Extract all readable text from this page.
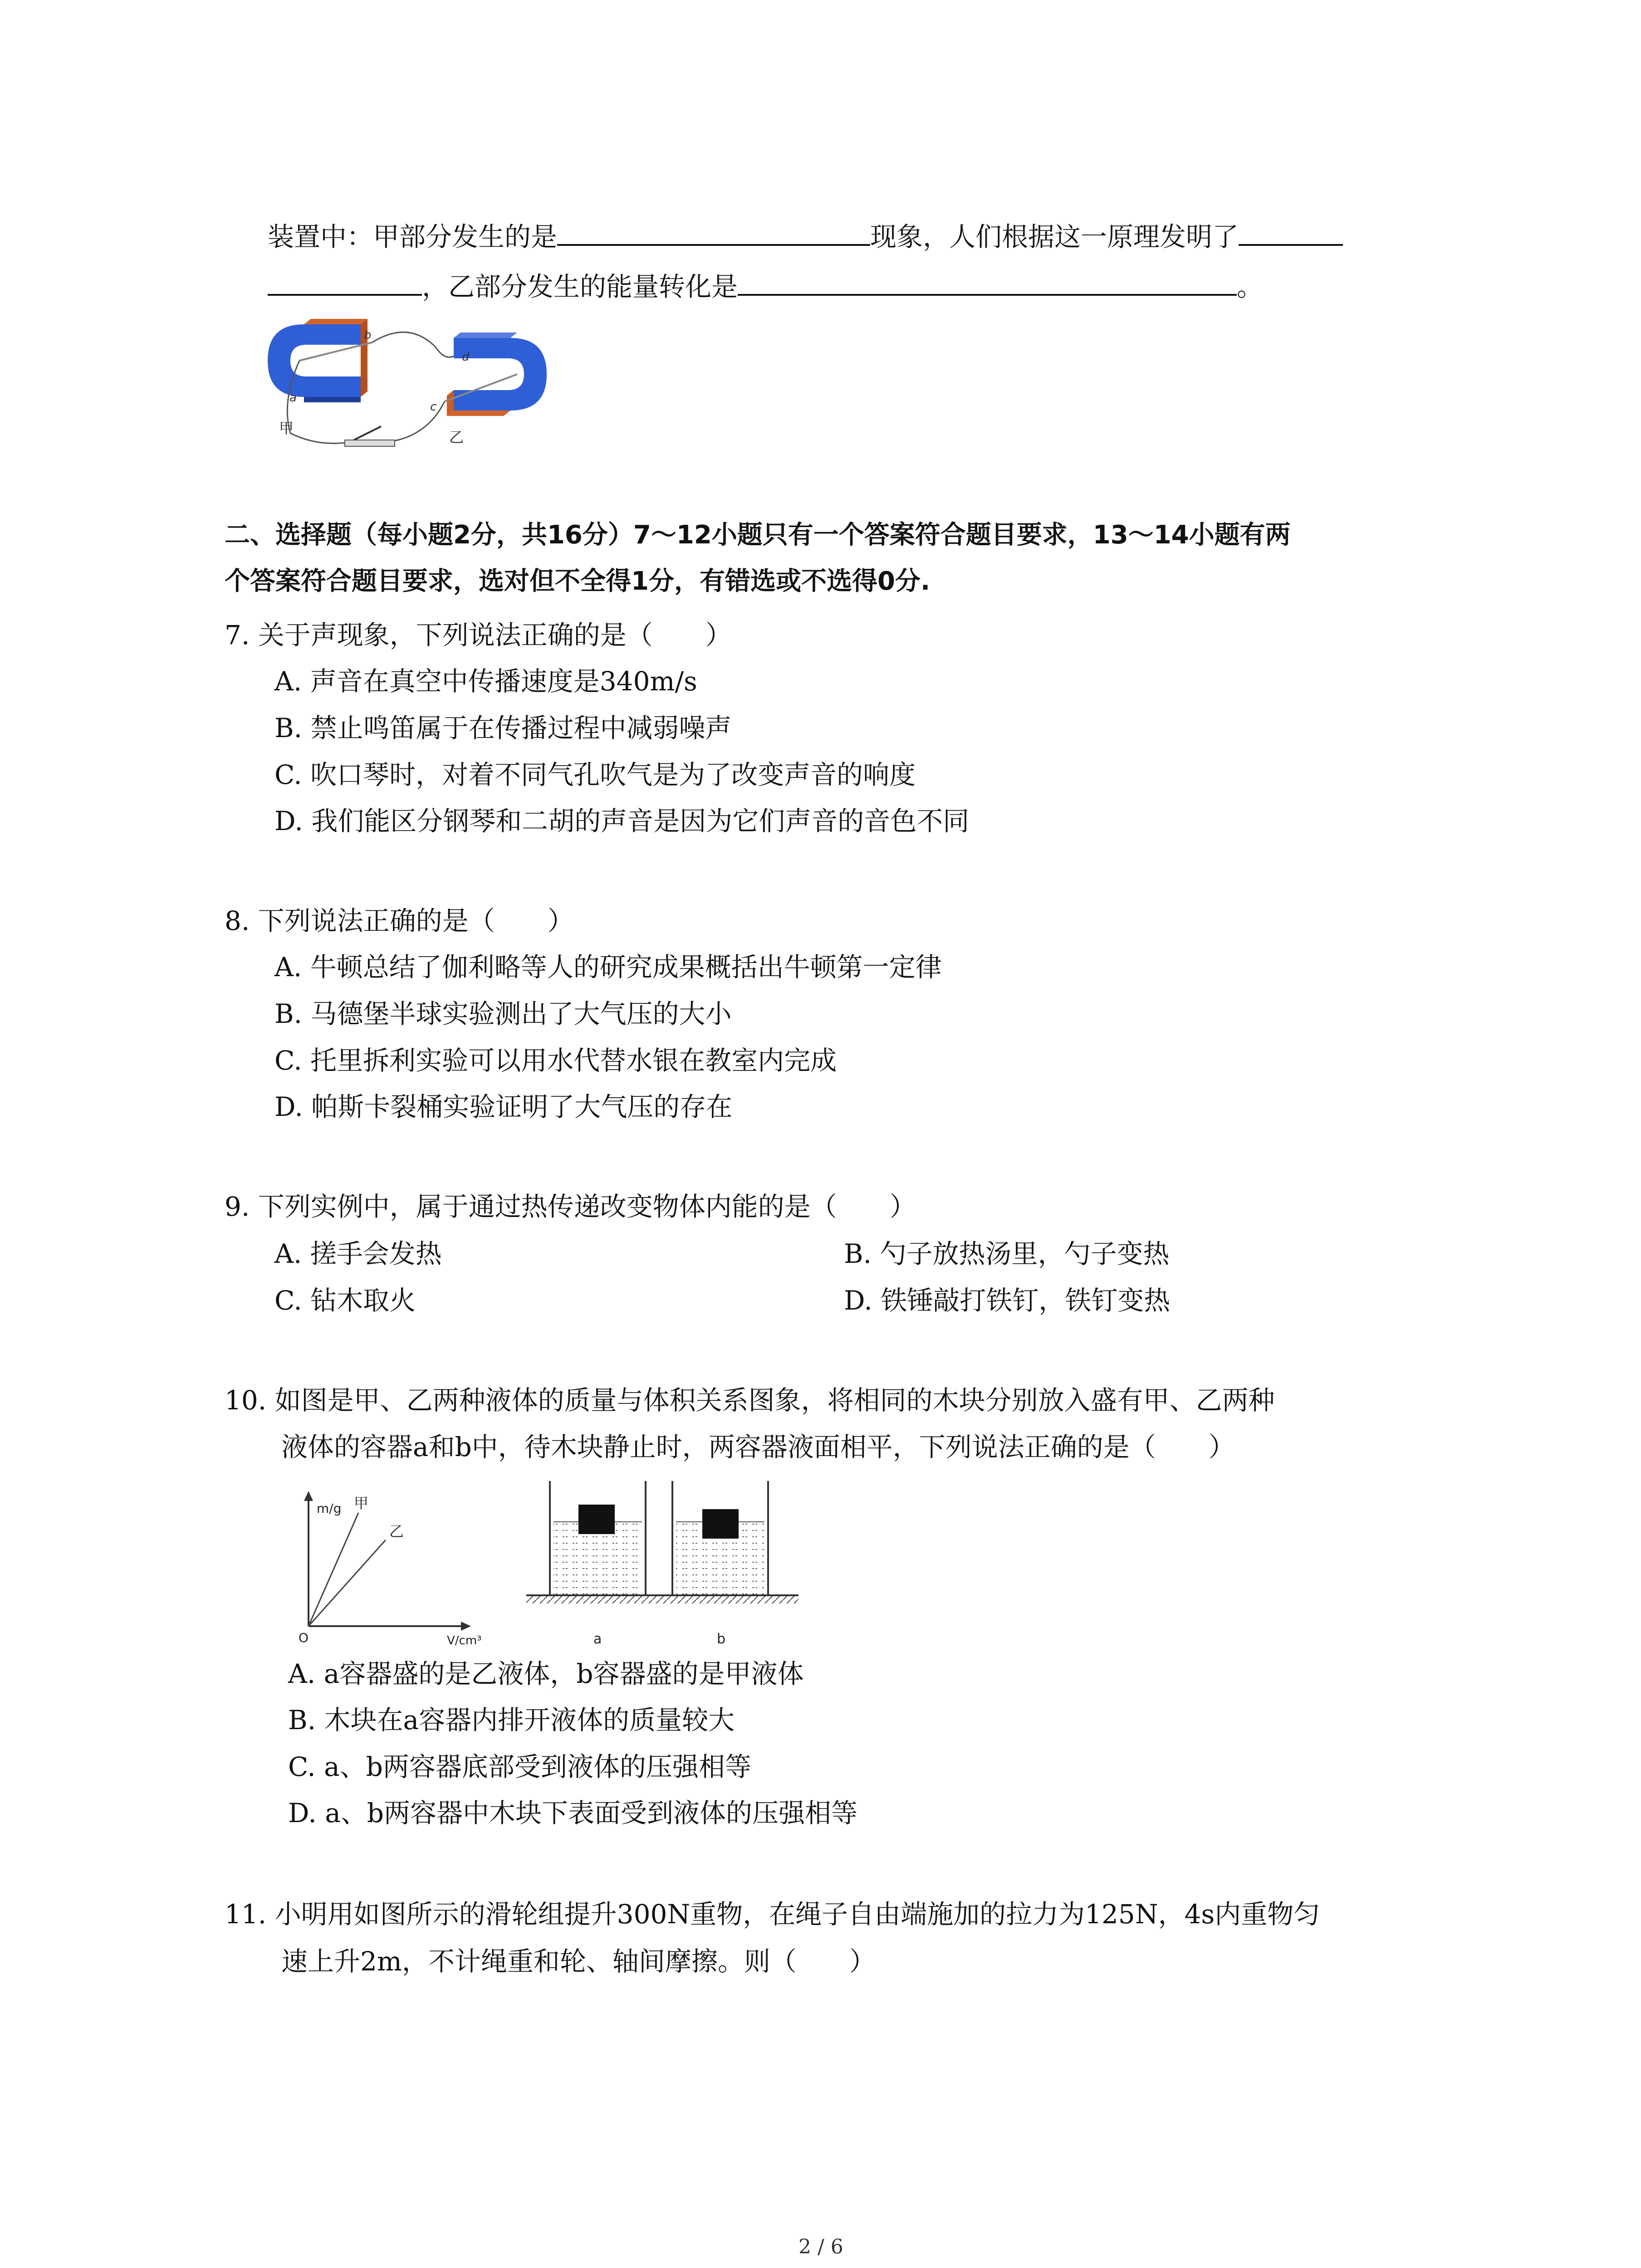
装置中：甲部分发生的是	现象，人们根据这一原理发明了
，乙部分发生的能量转化是	。
a
b
c
d
甲
乙
二、选择题（每小题2分，共16分）7～12小题只有一个答案符合题目要求，13～14小题有两
个答案符合题目要求，选对但不全得1分，有错选或不选得0分.
7. 关于声现象，下列说法正确的是（　　）
A. 声音在真空中传播速度是340m/s
B. 禁止鸣笛属于在传播过程中减弱噪声
C. 吹口琴时，对着不同气孔吹气是为了改变声音的响度
D. 我们能区分钢琴和二胡的声音是因为它们声音的音色不同
8. 下列说法正确的是（　　）
A. 牛顿总结了伽利略等人的研究成果概括出牛顿第一定律
B. 马德堡半球实验测出了大气压的大小
C. 托里拆利实验可以用水代替水银在教室内完成
D. 帕斯卡裂桶实验证明了大气压的存在
9. 下列实例中，属于通过热传递改变物体内能的是（　　）
A. 搓手会发热	B. 勺子放热汤里，勺子变热
C. 钻木取火	D. 铁锤敲打铁钉，铁钉变热
10. 如图是甲、乙两种液体的质量与体积关系图象，将相同的木块分别放入盛有甲、乙两种
液体的容器a和b中，待木块静止时，两容器液面相平，下列说法正确的是（　　）
m/g 甲
乙
O	V/cm³	a	b
A. a容器盛的是乙液体，b容器盛的是甲液体
B. 木块在a容器内排开液体的质量较大
C. a、b两容器底部受到液体的压强相等
D. a、b两容器中木块下表面受到液体的压强相等
11. 小明用如图所示的滑轮组提升300N重物，在绳子自由端施加的拉力为125N，4s内重物匀
速上升2m，不计绳重和轮、轴间摩擦。则（　　）
2 / 6
